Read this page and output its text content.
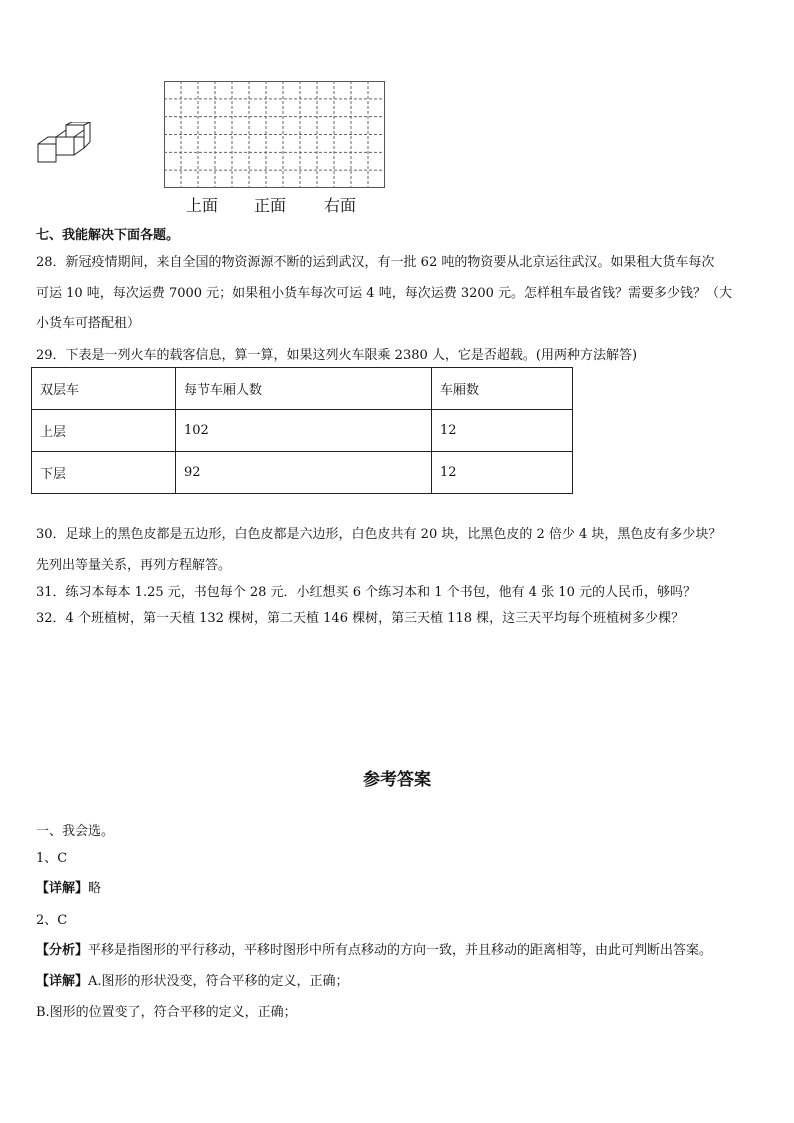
上面 正面 右面
七、我能解决下面各题。
28．新冠疫情期间，来自全国的物资源源不断的运到武汉，有一批 62 吨的物资要从北京运往武汉。如果租大货车每次
可运 10 吨，每次运费 7000 元；如果租小货车每次可运 4 吨，每次运费 3200 元。怎样租车最省钱？需要多少钱？（大
小货车可搭配租）
29．下表是一列火车的载客信息，算一算，如果这列火车限乘 2380 人，它是否超载。(用两种方法解答)
双层车	每节车厢人数	车厢数
上层	102	12
下层	92	12
30．足球上的黑色皮都是五边形，白色皮都是六边形，白色皮共有 20 块，比黑色皮的 2 倍少 4 块，黑色皮有多少块？
先列出等量关系，再列方程解答。
31．练习本每本 1.25 元，书包每个 28 元．小红想买 6 个练习本和 1 个书包，他有 4 张 10 元的人民币，够吗？
32．4 个班植树，第一天植 132 棵树，第二天植 146 棵树，第三天植 118 棵，这三天平均每个班植树多少棵？
参考答案
一、我会选。
1、C
【详解】略
2、C
【分析】平移是指图形的平行移动，平移时图形中所有点移动的方向一致，并且移动的距离相等，由此可判断出答案。
【详解】A.图形的形状没变，符合平移的定义，正确；
B.图形的位置变了，符合平移的定义，正确；
